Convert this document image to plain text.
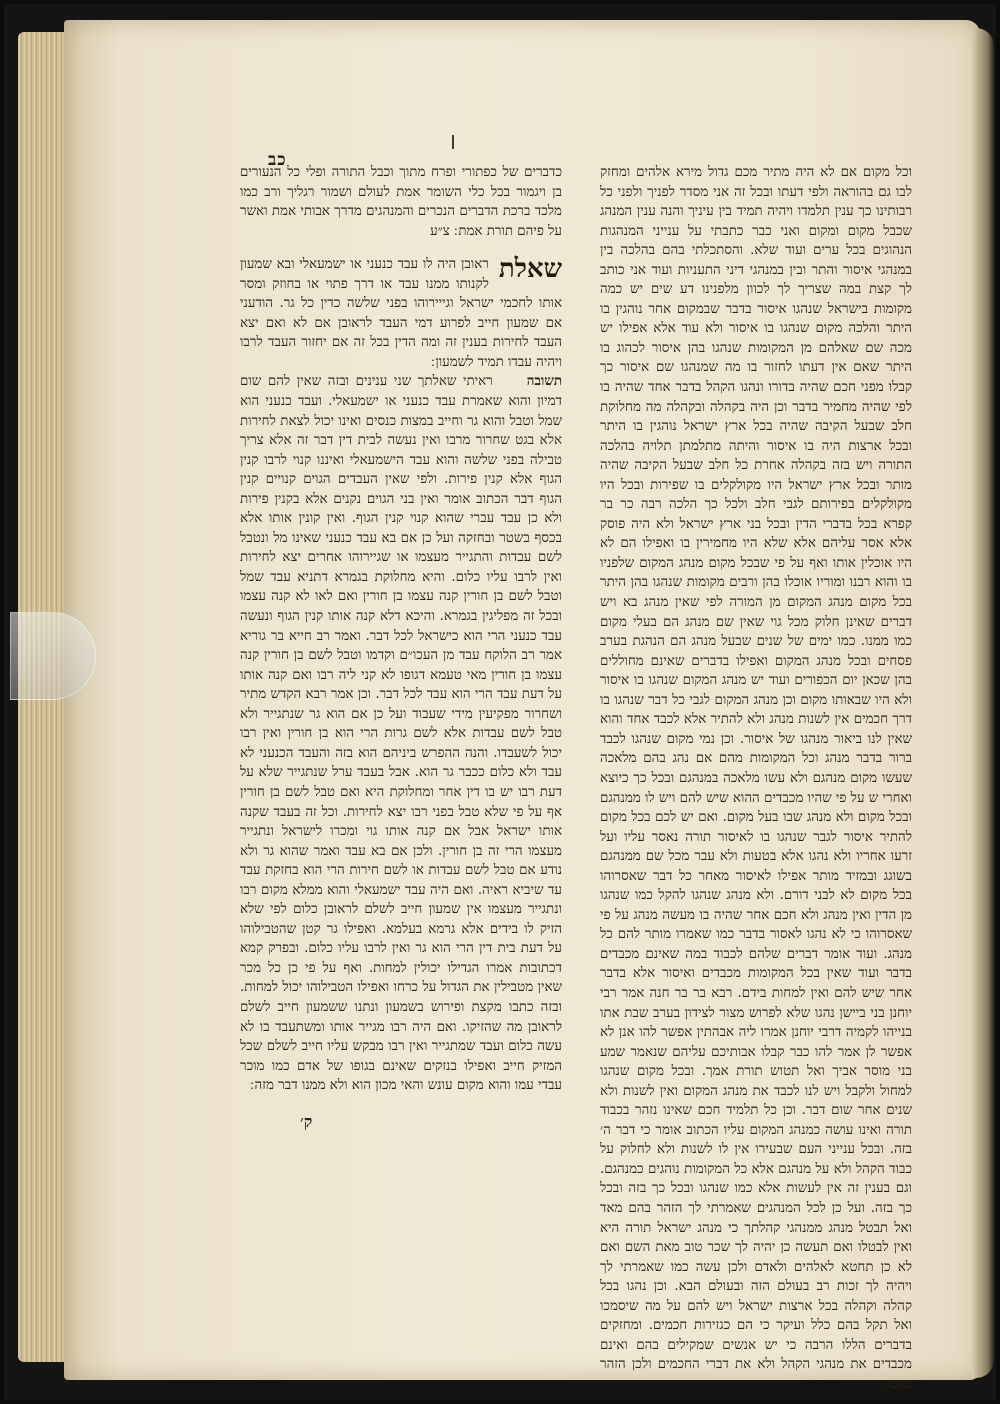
כב

וכל מקום אם לא היה מתיר מכם גדול מירא אלהים ומחזק לבו גם בהוראה ולפי דעתו ובכל זה אני מסדר לפניך ולפני כל רבותינו כך ענין תלמדו ויהיה תמיד בין עיניך והנה ענין המנהג שכבל מקום ומקום ואני כבר כתבתי על ענייני המנהגות הנהוגים בכל ערים ועוד שלא. והסתכלתי בהם בהלכה בין במנהגי איסור והתר ובין במנהגי דיני התעניות ועוד אני כותב לך קצת במה שצריך לך לכוון מלפנינו דע שים יש כמה מקומות בישראל שנהגו איסור בדבר שבמקום אחר נוהגין בו היתר והלכה מקום שנהגו בו איסור ולא עוד אלא אפילו יש מכה שם שאלהם מן המקומות שנהגו בהן איסור לכהוג בו היתר שאם אין דעתו לחזור בו מה שמנהגו שם איסור כך קבלו מפני חכם שהיה בדורו ונהגו הקהל בדבר אחד שהיה בו לפי שהיה מחמיר בדבר וכן היה בקהלה ובקהלה מה מחלוקת חלב שבעל הקיבה שהיה בכל ארץ ישראל נוהגין בו היתר ובכל ארצות היה בו איסור והיתה מתלמתן תלויה בהלכה התורה ויש בזה בקהלה אחרת כל חלב שבעל הקיבה שהיה מותר ובכל ארץ ישראל היו מקולקלים בו שפירות ובכל היו מקולקלים בפירותם לגבי חלב ולכל כך הלכה רבה כר בר קפרא בכל בדברי הדין ובכל בני ארץ ישראל ולא היה פוסק אלא אסר עליהם אלא שלא היו מחמירין בו ואפילו הם לא היו אוכלין אותו ואף על פי שבכל מקום מנהג המקום שלפניו בו והוא רבנו ומוריו אוכלו בהן ורבים מקומות שנהגו בהן היתר בכל מקום מנהג המקום מן המורה לפי שאין מנהג בא ויש דברים שאינן חלוק מכל גוי שאין שם מנהג הם בעלי מקום כמו ממנו. כמו ימים של שנים שבעל מנהג הם הנהגת בערב פסחים ובכל מנהג המקום ואפילו בדברים שאינם מחוללים בהן שכאן יום הכפורים ועוד יש מנהג המקום שנהגו בו איסור ולא היו שבאותו מקום וכן מנהג המקום לגבי כל דבר שנהגו בו דרך חכמים אין לשנות מנהג ולא להתיר אלא לכבד אחד והוא שאין לנו ביאור מנהגו של איסור. וכן נמי מקום שנהגו לכבד ברור בדבר מנהג וכל המקומות מהם אם נהג בהם מלאכה שעשו מקום מנהגם ולא עשו מלאכה במנהגם ובכל כך כיוצא ואחרי ש על פי שהיו מכבדים ההוא שיש להם ויש לו ממנהגם ובכל מקום ולא מנהג שבו בעל מקום. ואם יש לכם בכל מקום להתיר איסור לגבר שנהגו בו לאיסור תורה נאסר עליו ועל זרעו אחריו ולא נהגו אלא בטעות ולא עבר מכל שם ממנהגם בשוגג ובמזיד מותר אפילו לאיסור מאחר כל דבר שאסרוהו בכל מקום לא לבני דורם. ולא מנהג שנהגו להקל כמו שנהגו מן הדין ואין מנהג ולא חכם אחר שהיה בו מעשה מנהג על פי שאסרוהו כי לא נהגו לאסור בדבר כמו שאמרו מותר להם כל מנהג. ועוד אומר דברים שלהם לכבוד במה שאינם מכבדים בדבר ועוד שאין בכל המקומות מכבדים ואיסור אלא בדבר אחר שיש להם ואין למחות בידם. רבא בר בר חנה אמר רבי יוחנן בני ביישן נהגו שלא לפרוש מצור לצידון בערב שבת אתו בנייהו לקמיה דרבי יוחנן אמרו ליה אבהתין אפשר להו אנן לא אפשר לן אמר להו כבר קבלו אבותיכם עליהם שנאמר שמע בני מוסר אביך ואל תטוש תורת אמך. ובכל מקום שנהגו למחול ולקבל ויש לנו לכבד את מנהג המקום ואין לשנות ולא שנים אחר שום דבר. וכן כל תלמיד חכם שאינו נזהר בכבוד תורה ואינו עושה כמנהג המקום עליו הכתוב אומר כי דבר ה׳ בזה. ובכל ענייני העם שבעירו אין לו לשנות ולא לחלוק על כבוד הקהל ולא על מנהגם אלא כל המקומות נוהגים כמנהגם. וגם בענין זה אין לעשות אלא כמו שנהגו ובכל כך בזה ובכל כך בזה. ועל כן לכל המנהגים שאמרתי לך הזהר בהם מאד ואל תבטל מנהג ממנהגי קהלתך כי מנהג ישראל תורה היא ואין לבטלו ואם תעשה כן יהיה לך שכר טוב מאת השם ואם לא כן תחטא לאלהים ולאדם ולכן עשה כמו שאמרתי לך ויהיה לך זכות רב בעולם הזה ובעולם הבא. וכן נהגו בכל קהלה וקהלה בכל ארצות ישראל ויש להם על מה שיסמכו ואל תקל בהם כלל ועיקר כי הם כגזירות חכמים. ומחזקים בדברים הללו הרבה כי יש אנשים שמקילים בהם ואינם מכבדים את מנהגי הקהל ולא את דברי החכמים ולכן הזהר בהם.

כדברים של כפתורי ופרח מתוך וכבל התורה ופלי כל הנעורים בן ויגמור בכל כלי השומר אמת לעולם ושמור רגליך ורב כמו מלכד ברכת הדברים הנכרים והמנהגים מדרך אבותי אמת ואשר על פיהם תורת אמת ׃ צ״ע

שאלת
ראובן היה לו עבד כנעני או ישמעאלי ובא שמעון לקנותו ממנו עבד או דרך פתוי או בחוזק ומסר אותו לחכמי ישראל וגייירוהו בפני שלשה כדין כל גר. הודעני אם שמעון חייב לפרוע דמי העבד לראובן אם לא ואם יצא העבד לחירות בענין זה ומה הדין בכל זה אם יחזור העבד לרבו ויהיה עבדו תמיד לשמעון ׃

תשובהראיתי שאלתך שני ענינים ובזה שאין להם שום דמיון והוא שאמרת עבד כנעני או ישמעאלי. ועבד כנעני הוא שמל וטבל והוא גר וחייב במצות כנסים ואינו יכול לצאת לחירות אלא בגט שחרור מרבו ואין נעשה לבית דין דבר זה אלא צריך טבילה בפני שלשה והוא עבד הישמעאלי ואיננו קנוי לרבו קנין הגוף אלא קנין פירות. ולפי שאין העבדים הגוים קנויים קנין הגוף דבר הכתוב אומר ואין בני הגוים נקנים אלא בקנין פירות ולא כן עבד עברי שהוא קנוי קנין הגוף. ואין קונין אותו אלא בכסף בשטר ובחזקה ועל כן אם בא עבד כנעני שאינו מל ונטבל לשם עבדות והתגייר מעצמו או שגיירוהו אחרים יצא לחירות ואין לרבו עליו כלום. והיא מחלוקת בגמרא דתניא עבד שמל וטבל לשם בן חורין קנה עצמו בן חורין ואם לאו לא קנה עצמו ובכל זה מפליגין בגמרא. והיכא דלא קנה אותו קנין הגוף ונעשה עבד כנעני הרי הוא כישראל לכל דבר. ואמר רב חייא בר גוריא אמר רב הלוקח עבד מן העכו״ם וקדמו וטבל לשם בן חורין קנה עצמו בן חורין מאי טעמא דגופו לא קני ליה רבו ואם קנה אותו על דעת עבד הרי הוא עבד לכל דבר. וכן אמר רבא הקדש מתיר ושחרור מפקיעין מידי שעבוד ועל כן אם הוא גר שנתגייר ולא טבל לשם עבדות אלא לשם גרות הרי הוא בן חורין ואין רבו יכול לשעבדו. והנה ההפרש ביניהם הוא בזה והעבד הכנעני לא עבד ולא כלום ככבר גר הוא. אבל בעבד ערל שנתגייר שלא על דעת רבו יש בו דין אחר ומחלוקת היא ואם טבל לשם בן חורין אף על פי שלא טבל בפני רבו יצא לחירות. וכל זה בעבד שקנה אותו ישראל אבל אם קנה אותו גוי ומכרו לישראל ונתגייר מעצמו הרי זה בן חורין. ולכן אם בא עבד ואמר שהוא גר ולא נודע אם טבל לשם עבדות או לשם חירות הרי הוא בחזקת עבד עד שיביא ראיה. ואם היה עבד ישמעאלי והוא ממלא מקום רבו ונתגייר מעצמו אין שמעון חייב לשלם לראובן כלום לפי שלא הזיק לו בידים אלא גרמא בעלמא. ואפילו גר קטן שהטבילוהו על דעת בית דין הרי הוא גר ואין לרבו עליו כלום. ובפרק קמא דכתובות אמרו הגדילו יכולין למחות. ואף על פי כן כל מכר שאין מטבילין את הגדול על כרחו ואפילו הטבילוהו יכול למחות. ובזה כתבו מקצת ופירוש בשמעון ונתנו ששמעון חייב לשלם לראובן מה שהזיקו. ואם היה רבו מגייר אותו ומשתעבד בו לא עשה כלום ועבד שמתגייר ואין רבו מבקש עליו חייב לשלם שכל המזיק חייב ואפילו בנזקים שאינם בגופו של אדם כמו מוכר עבדי עמו והוא מקום עונש והאי מכון הוא ולא ממנו דבר מזה ׃

ק׳
